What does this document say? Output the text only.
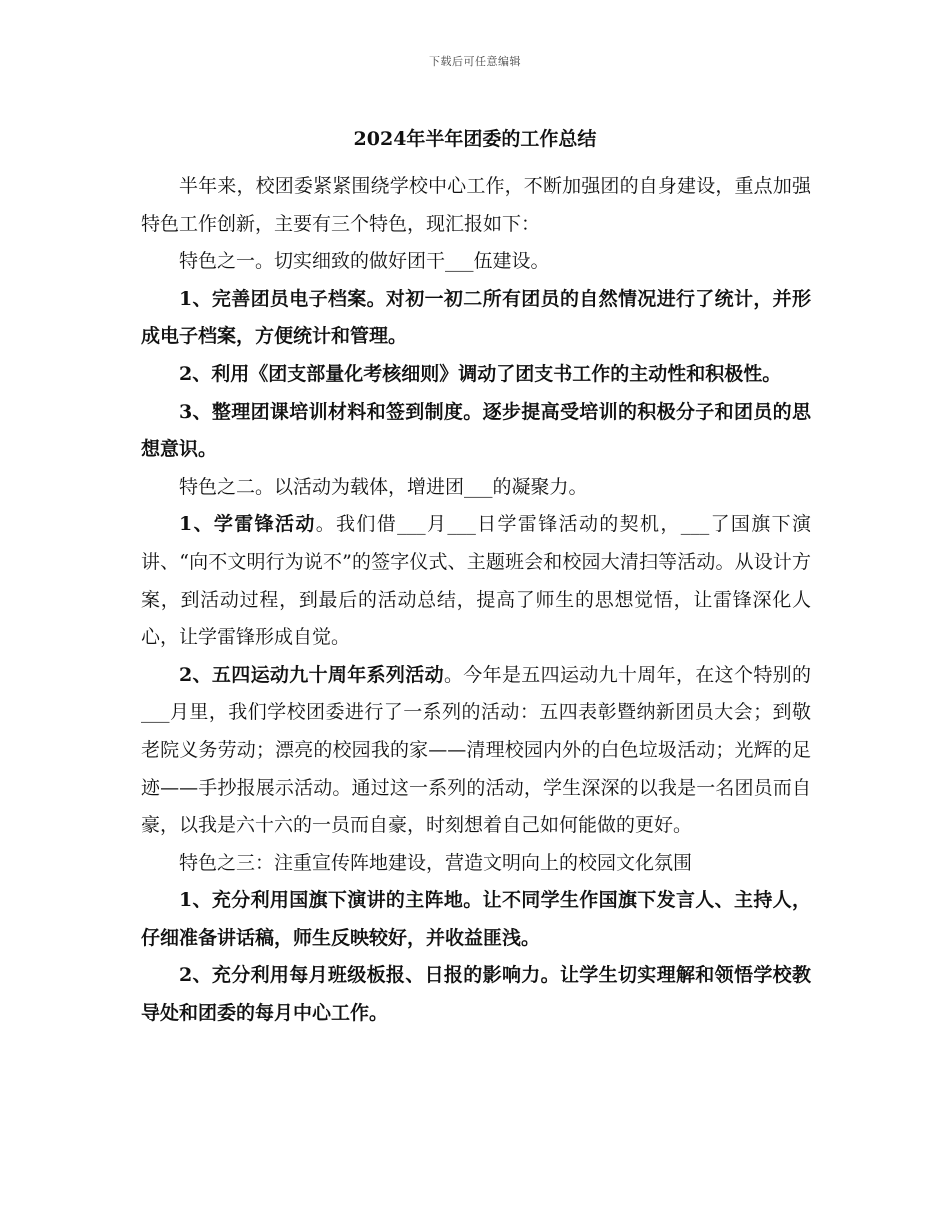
下载后可任意编辑
2024年半年团委的工作总结

半年来，校团委紧紧围绕学校中心工作，不断加强团的自身建设，重点加强特色工作创新，主要有三个特色，现汇报如下：

特色之一。切实细致的做好团干___伍建设。

1、完善团员电子档案。对初一初二所有团员的自然情况进行了统计，并形成电子档案，方便统计和管理。

2、利用《团支部量化考核细则》调动了团支书工作的主动性和积极性。

3、整理团课培训材料和签到制度。逐步提高受培训的积极分子和团员的思想意识。

特色之二。以活动为载体，增进团___的凝聚力。

1、学雷锋活动。我们借___月___日学雷锋活动的契机，___了国旗下演讲、“向不文明行为说不”的签字仪式、主题班会和校园大清扫等活动。从设计方案，到活动过程，到最后的活动总结，提高了师生的思想觉悟，让雷锋深化人心，让学雷锋形成自觉。

2、五四运动九十周年系列活动。今年是五四运动九十周年，在这个特别的___月里，我们学校团委进行了一系列的活动：五四表彰暨纳新团员大会；到敬老院义务劳动；漂亮的校园我的家——清理校园内外的白色垃圾活动；光辉的足迹——手抄报展示活动。通过这一系列的活动，学生深深的以我是一名团员而自豪，以我是六十六的一员而自豪，时刻想着自己如何能做的更好。

特色之三：注重宣传阵地建设，营造文明向上的校园文化氛围

1、充分利用国旗下演讲的主阵地。让不同学生作国旗下发言人、主持人，仔细准备讲话稿，师生反映较好，并收益匪浅。

2、充分利用每月班级板报、日报的影响力。让学生切实理解和领悟学校教导处和团委的每月中心工作。
